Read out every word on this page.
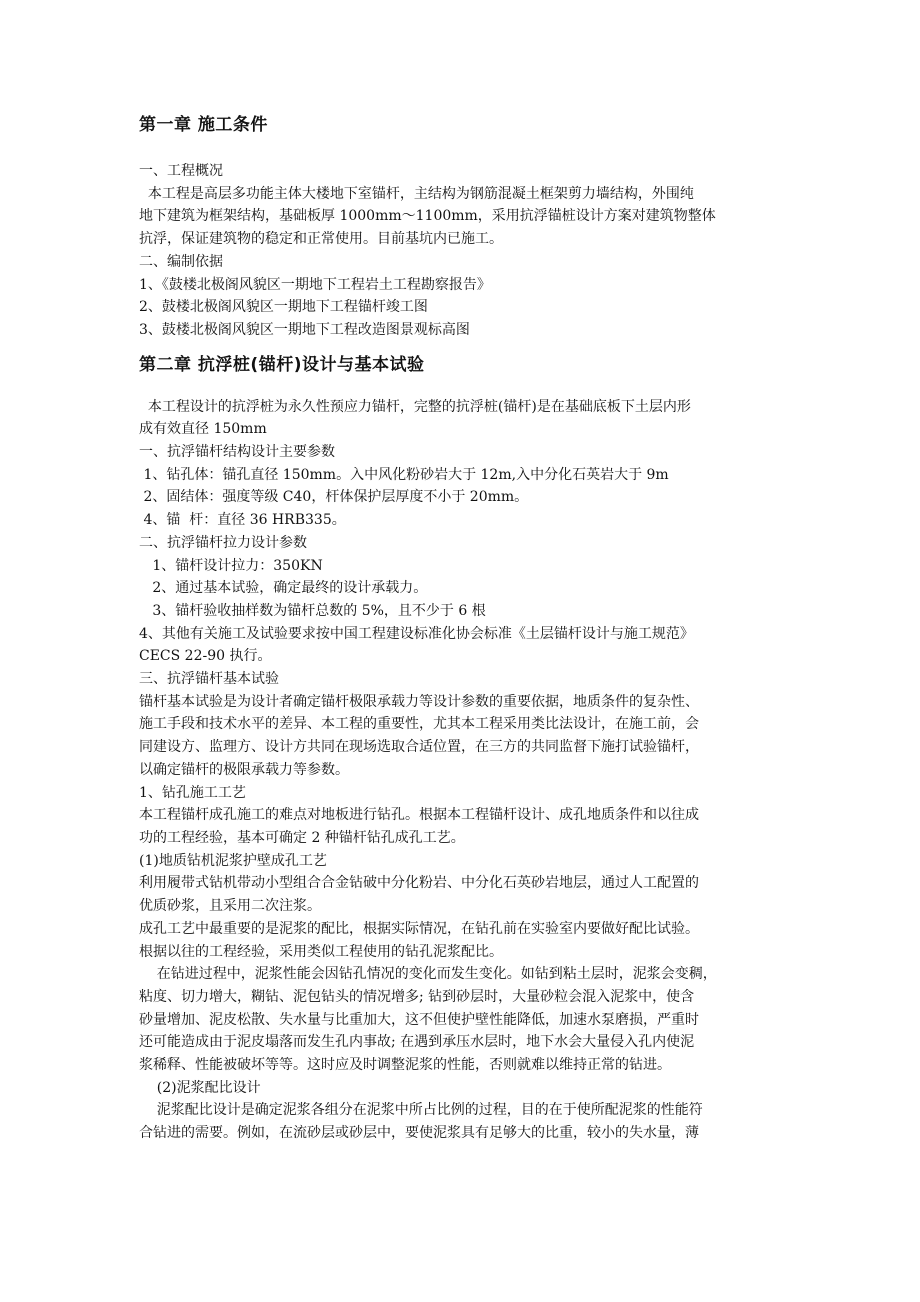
第一章 施工条件
一、工程概况
本工程是高层多功能主体大楼地下室锚杆，主结构为钢筋混凝土框架剪力墙结构，外围纯
地下建筑为框架结构，基础板厚 1000mm～1100mm，采用抗浮锚桩设计方案对建筑物整体
抗浮，保证建筑物的稳定和正常使用。目前基坑内已施工。
二、编制依据
1、《鼓楼北极阁风貌区一期地下工程岩土工程勘察报告》
2、鼓楼北极阁风貌区一期地下工程锚杆竣工图
3、鼓楼北极阁风貌区一期地下工程改造图景观标高图
第二章 抗浮桩(锚杆)设计与基本试验
本工程设计的抗浮桩为永久性预应力锚杆，完整的抗浮桩(锚杆)是在基础底板下土层内形
成有效直径 150mm
一、抗浮锚杆结构设计主要参数
1、钻孔体：锚孔直径 150mm。入中风化粉砂岩大于 12m,入中分化石英岩大于 9m
2、固结体：强度等级 C40，杆体保护层厚度不小于 20mm。
4、锚  杆：直径 36 HRB335。
二、抗浮锚杆拉力设计参数
1、锚杆设计拉力：350KN
2、通过基本试验，确定最终的设计承载力。
3、锚杆验收抽样数为锚杆总数的 5%，且不少于 6 根
4、其他有关施工及试验要求按中国工程建设标准化协会标准《土层锚杆设计与施工规范》
CECS 22-90 执行。
三、抗浮锚杆基本试验
锚杆基本试验是为设计者确定锚杆极限承载力等设计参数的重要依据，地质条件的复杂性、
施工手段和技术水平的差异、本工程的重要性，尤其本工程采用类比法设计，在施工前，会
同建设方、监理方、设计方共同在现场选取合适位置，在三方的共同监督下施打试验锚杆，
以确定锚杆的极限承载力等参数。
1、钻孔施工工艺
本工程锚杆成孔施工的难点对地板进行钻孔。根据本工程锚杆设计、成孔地质条件和以往成
功的工程经验，基本可确定 2 种锚杆钻孔成孔工艺。
(1)地质钻机泥浆护壁成孔工艺
利用履带式钻机带动小型组合合金钻破中分化粉岩、中分化石英砂岩地层，通过人工配置的
优质砂浆，且采用二次注浆。
成孔工艺中最重要的是泥浆的配比，根据实际情况，在钻孔前在实验室内要做好配比试验。
根据以往的工程经验，采用类似工程使用的钻孔泥浆配比。
在钻进过程中，泥浆性能会因钻孔情况的变化而发生变化。如钻到粘土层时，泥浆会变稠，
粘度、切力增大，糊钻、泥包钻头的情况增多; 钻到砂层时，大量砂粒会混入泥浆中，使含
砂量增加、泥皮松散、失水量与比重加大，这不但使护壁性能降低，加速水泵磨损，严重时
还可能造成由于泥皮塌落而发生孔内事故; 在遇到承压水层时，地下水会大量侵入孔内使泥
浆稀释、性能被破坏等等。这时应及时调整泥浆的性能，否则就难以维持正常的钻进。
(2)泥浆配比设计
泥浆配比设计是确定泥浆各组分在泥浆中所占比例的过程，目的在于使所配泥浆的性能符
合钻进的需要。例如，在流砂层或砂层中，要使泥浆具有足够大的比重，较小的失水量，薄
